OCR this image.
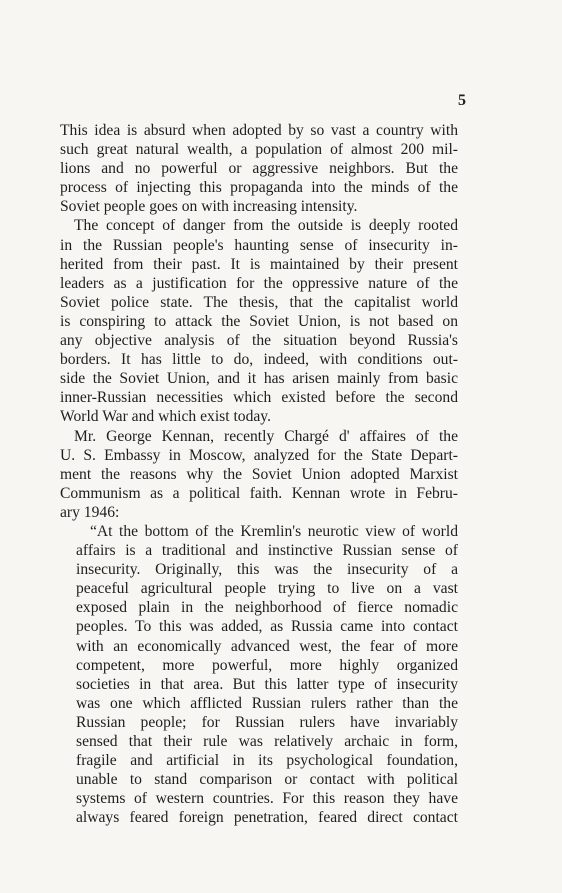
5
This idea is absurd when adopted by so vast a country with
such great natural wealth, a population of almost 200 mil-
lions and no powerful or aggressive neighbors. But the
process of injecting this propaganda into the minds of the
Soviet people goes on with increasing intensity.
The concept of danger from the outside is deeply rooted
in the Russian people's haunting sense of insecurity in-
herited from their past. It is maintained by their present
leaders as a justification for the oppressive nature of the
Soviet police state. The thesis, that the capitalist world
is conspiring to attack the Soviet Union, is not based on
any objective analysis of the situation beyond Russia's
borders. It has little to do, indeed, with conditions out-
side the Soviet Union, and it has arisen mainly from basic
inner-Russian necessities which existed before the second
World War and which exist today.
Mr. George Kennan, recently Chargé d' affaires of the
U. S. Embassy in Moscow, analyzed for the State Depart-
ment the reasons why the Soviet Union adopted Marxist
Communism as a political faith. Kennan wrote in Febru-
ary 1946:
“At the bottom of the Kremlin's neurotic view of world
affairs is a traditional and instinctive Russian sense of
insecurity. Originally, this was the insecurity of a
peaceful agricultural people trying to live on a vast
exposed plain in the neighborhood of fierce nomadic
peoples. To this was added, as Russia came into contact
with an economically advanced west, the fear of more
competent, more powerful, more highly organized
societies in that area. But this latter type of insecurity
was one which afflicted Russian rulers rather than the
Russian people; for Russian rulers have invariably
sensed that their rule was relatively archaic in form,
fragile and artificial in its psychological foundation,
unable to stand comparison or contact with political
systems of western countries. For this reason they have
always feared foreign penetration, feared direct contact
